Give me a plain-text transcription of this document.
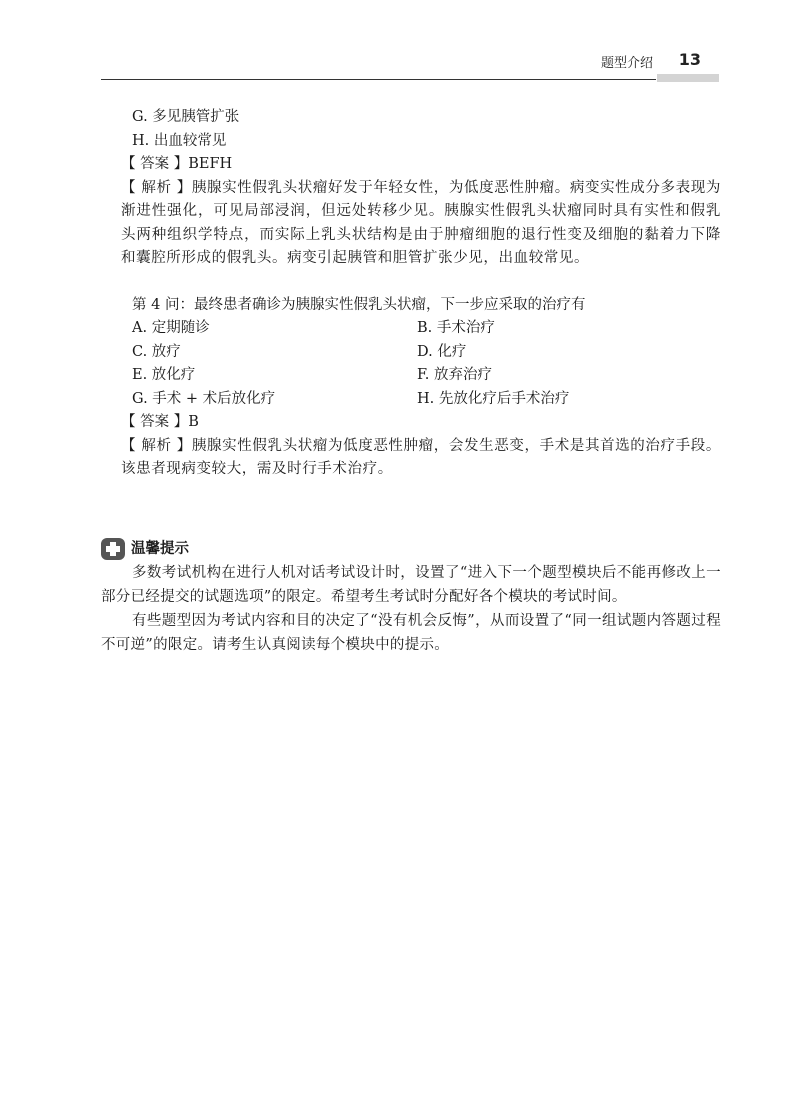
题型介绍 13

G. 多见胰管扩张

H. 出血较常见

【 答案 】BEFH

【 解析 】胰腺实性假乳头状瘤好发于年轻女性，为低度恶性肿瘤。病变实性成分多表现为渐进性强化，可见局部浸润，但远处转移少见。胰腺实性假乳头状瘤同时具有实性和假乳头两种组织学特点，而实际上乳头状结构是由于肿瘤细胞的退行性变及细胞的黏着力下降和囊腔所形成的假乳头。病变引起胰管和胆管扩张少见，出血较常见。

第 4 问：最终患者确诊为胰腺实性假乳头状瘤，下一步应采取的治疗有

A. 定期随诊	B. 手术治疗
C. 放疗	D. 化疗
E. 放化疗	F. 放弃治疗
G. 手术 + 术后放化疗	H. 先放化疗后手术治疗

【 答案 】B

【 解析 】胰腺实性假乳头状瘤为低度恶性肿瘤，会发生恶变，手术是其首选的治疗手段。该患者现病变较大，需及时行手术治疗。

温馨提示

多数考试机构在进行人机对话考试设计时，设置了“进入下一个题型模块后不能再修改上一部分已经提交的试题选项”的限定。希望考生考试时分配好各个模块的考试时间。

有些题型因为考试内容和目的决定了“没有机会反悔”，从而设置了“同一组试题内答题过程不可逆”的限定。请考生认真阅读每个模块中的提示。
